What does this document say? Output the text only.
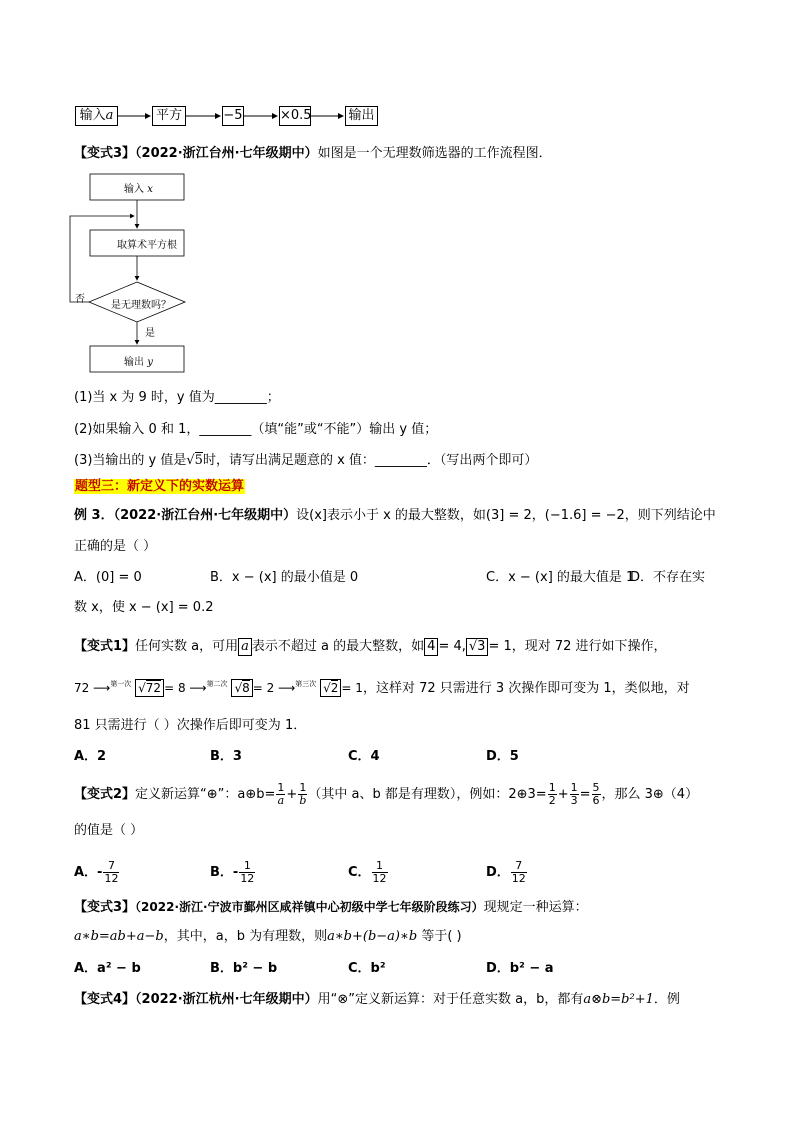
输入a	平方	−5	×0.5	输出
【变式3】（2022·浙江台州·七年级期中）如图是一个无理数筛选器的工作流程图．
输入 x
取算术平方根
是无理数吗？
否
是
输出 y
(1)当 x 为 9 时，y 值为________；
(2)如果输入 0 和 1，________（填“能”或“不能”）输出 y 值；
(3)当输出的 y 值是√5时，请写出满足题意的 x 值：________．（写出两个即可）
题型三：新定义下的实数运算
例 3．（2022·浙江台州·七年级期中）设(x]表示小于 x 的最大整数，如(3] = 2，(−1.6] = −2，则下列结论中
正确的是（ ）
A．(0] = 0	B．x − (x] 的最小值是 0	C．x − (x] 的最大值是 1
D．不存在实
数 x，使 x − (x] = 0.2
【变式1】任何实数 a，可用 a 表示不超过 a 的最大整数，如 4 = 4, √3 = 1，现对 72 进行如下操作，
72 ⟶$^{第一次}$ √72 = 8 ⟶$^{第二次}$ √8 = 2 ⟶$^{第三次}$ √2 = 1，这样对 72 只需进行 3 次操作即可变为 1，类似地，对
81 只需进行（ ）次操作后即可变为 1．
A．2	B．3	C．4	D．5
【变式2】定义新运算“⊕”：a⊕b= $\frac{1}{a} + \frac{1}{b}$ （其中 a、b 都是有理数），例如：2⊕3= $\frac{1}{2} + \frac{1}{3} = \frac{5}{6}$ ，那么 3⊕（4）
的值是（ ）
A．- $\frac{7}{12}$	B．- $\frac{1}{12}$	C． $\frac{1}{12}$	D． $\frac{7}{12}$
【变式3】（2022·浙江·宁波市鄞州区咸祥镇中心初级中学七年级阶段练习）现规定一种运算：
a∗b=ab+a−b，其中，a，b 为有理数，则a∗b+(b−a)∗b 等于( )
A．a² − b	B．b² − b	C．b²	D．b² − a
【变式4】（2022·浙江杭州·七年级期中）用“⊗”定义新运算：对于任意实数 a，b，都有a⊗b=b²+1．例
